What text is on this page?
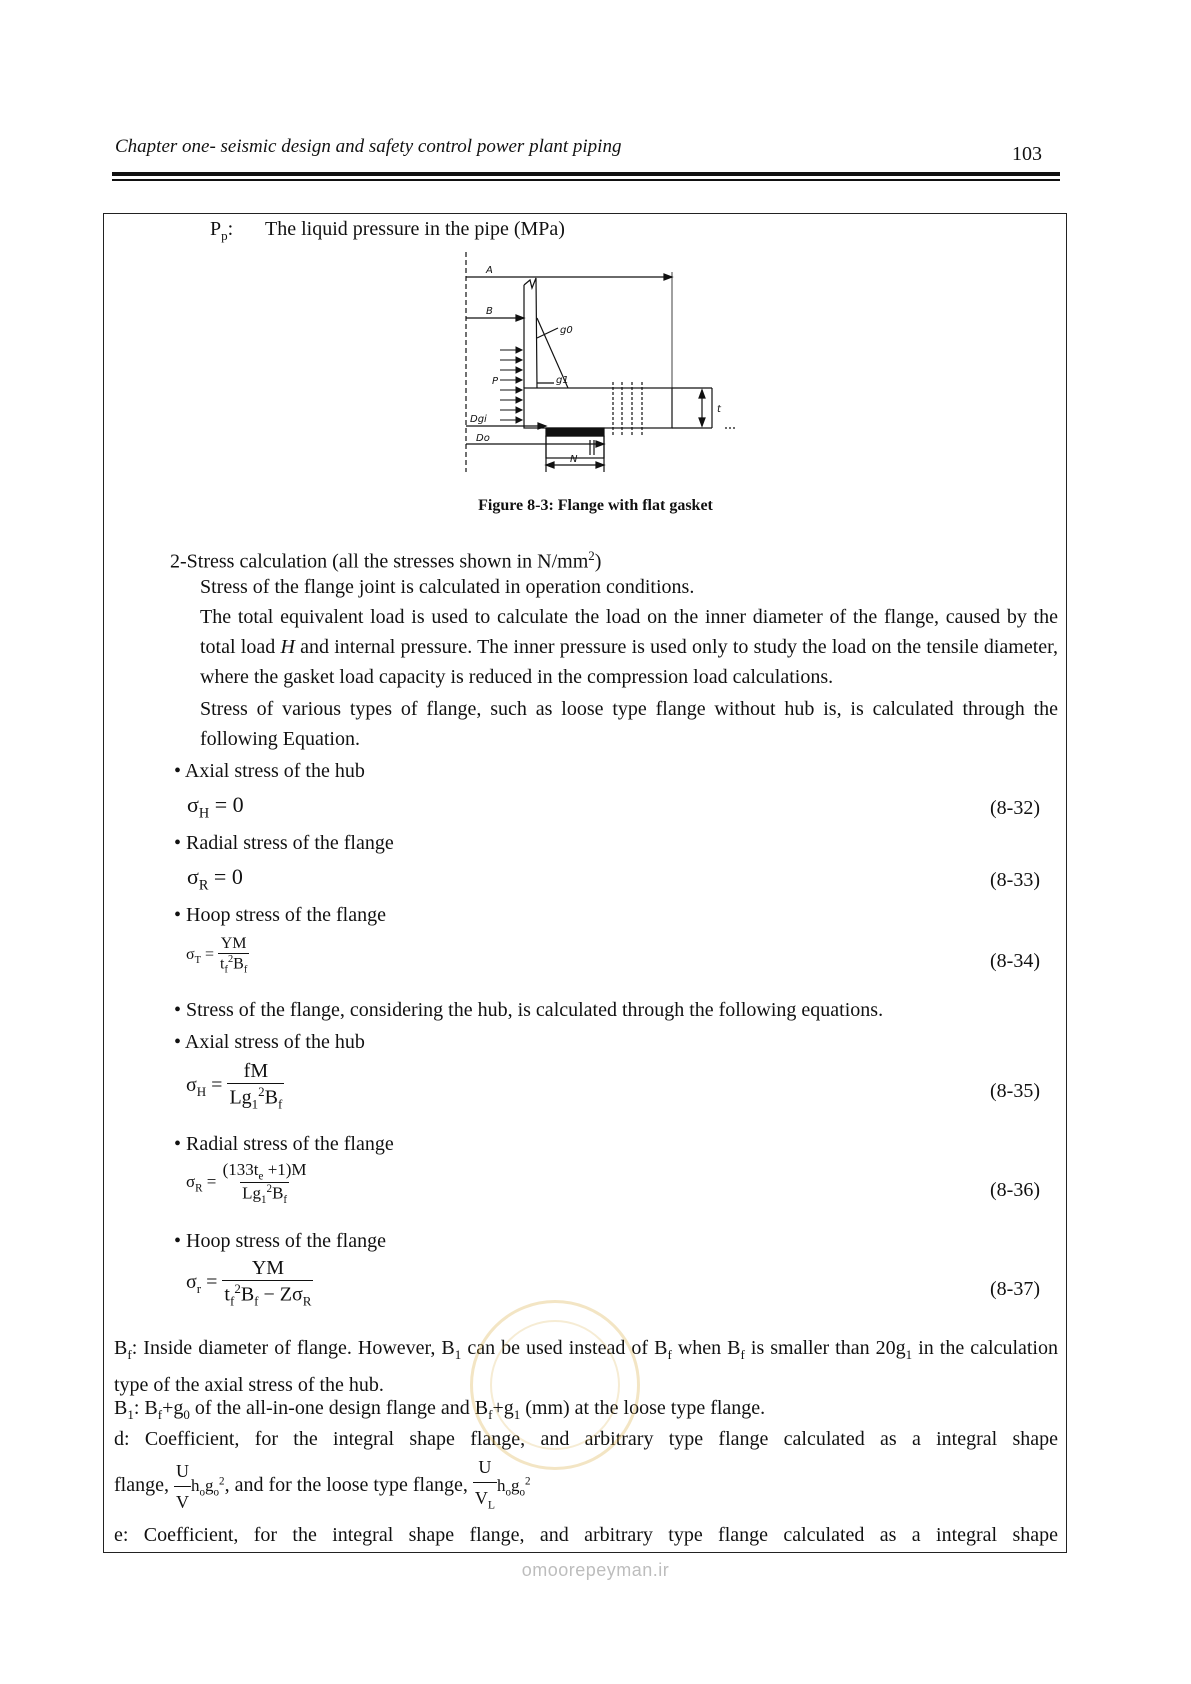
Chapter one- seismic design and safety control power plant piping	103
$P_p$: The liquid pressure in the pipe (MPa)
A
B
g0
g1
P
Dgi
Do
N
t
Figure 8-3: Flange with flat gasket
2-Stress calculation (all the stresses shown in $N/mm^2$)
Stress of the flange joint is calculated in operation conditions.
The total equivalent load is used to calculate the load on the inner diameter of the flange, caused by the total load H and internal pressure. The inner pressure is used only to study the load on the tensile diameter, where the gasket load capacity is reduced in the compression load calculations.
Stress of various types of flange, such as loose type flange without hub is, is calculated through the following Equation.
• Axial stress of the hub
$\sigma_H = 0$	(8-32)
• Radial stress of the flange
$\sigma_R = 0$	(8-33)
• Hoop stress of the flange
$\sigma_T = \frac{YM}{t_f^2B_f}$	(8-34)
• Stress of the flange, considering the hub, is calculated through the following equations.
• Axial stress of the hub
$\sigma_H = \frac{fM}{Lg_1^2B_f}$	(8-35)
• Radial stress of the flange
$\sigma_R = \frac{(133t_e +1)M}{Lg_1^2B_f}$	(8-36)
• Hoop stress of the flange
$\sigma_r = \frac{YM}{t_f^2B_f - Z\sigma_R}$	(8-37)
$B_f$: Inside diameter of flange. However, $B_1$ can be used instead of $B_f$ when $B_f$ is smaller than $20g_1$ in the calculation type of the axial stress of the hub.
$B_1$: $B_f+g_0$ of the all-in-one design flange and $B_f+g_1$ (mm) at the loose type flange.
d: Coefficient, for the integral shape flange, and arbitrary type flange calculated as a integral shape
flange, $\frac{U}{V} h_og_o^2$, and for the loose type flange, $\frac{U}{V_L} h_og_o^2$
e: Coefficient, for the integral shape flange, and arbitrary type flange calculated as a integral shape
omoorepeyman.ir
